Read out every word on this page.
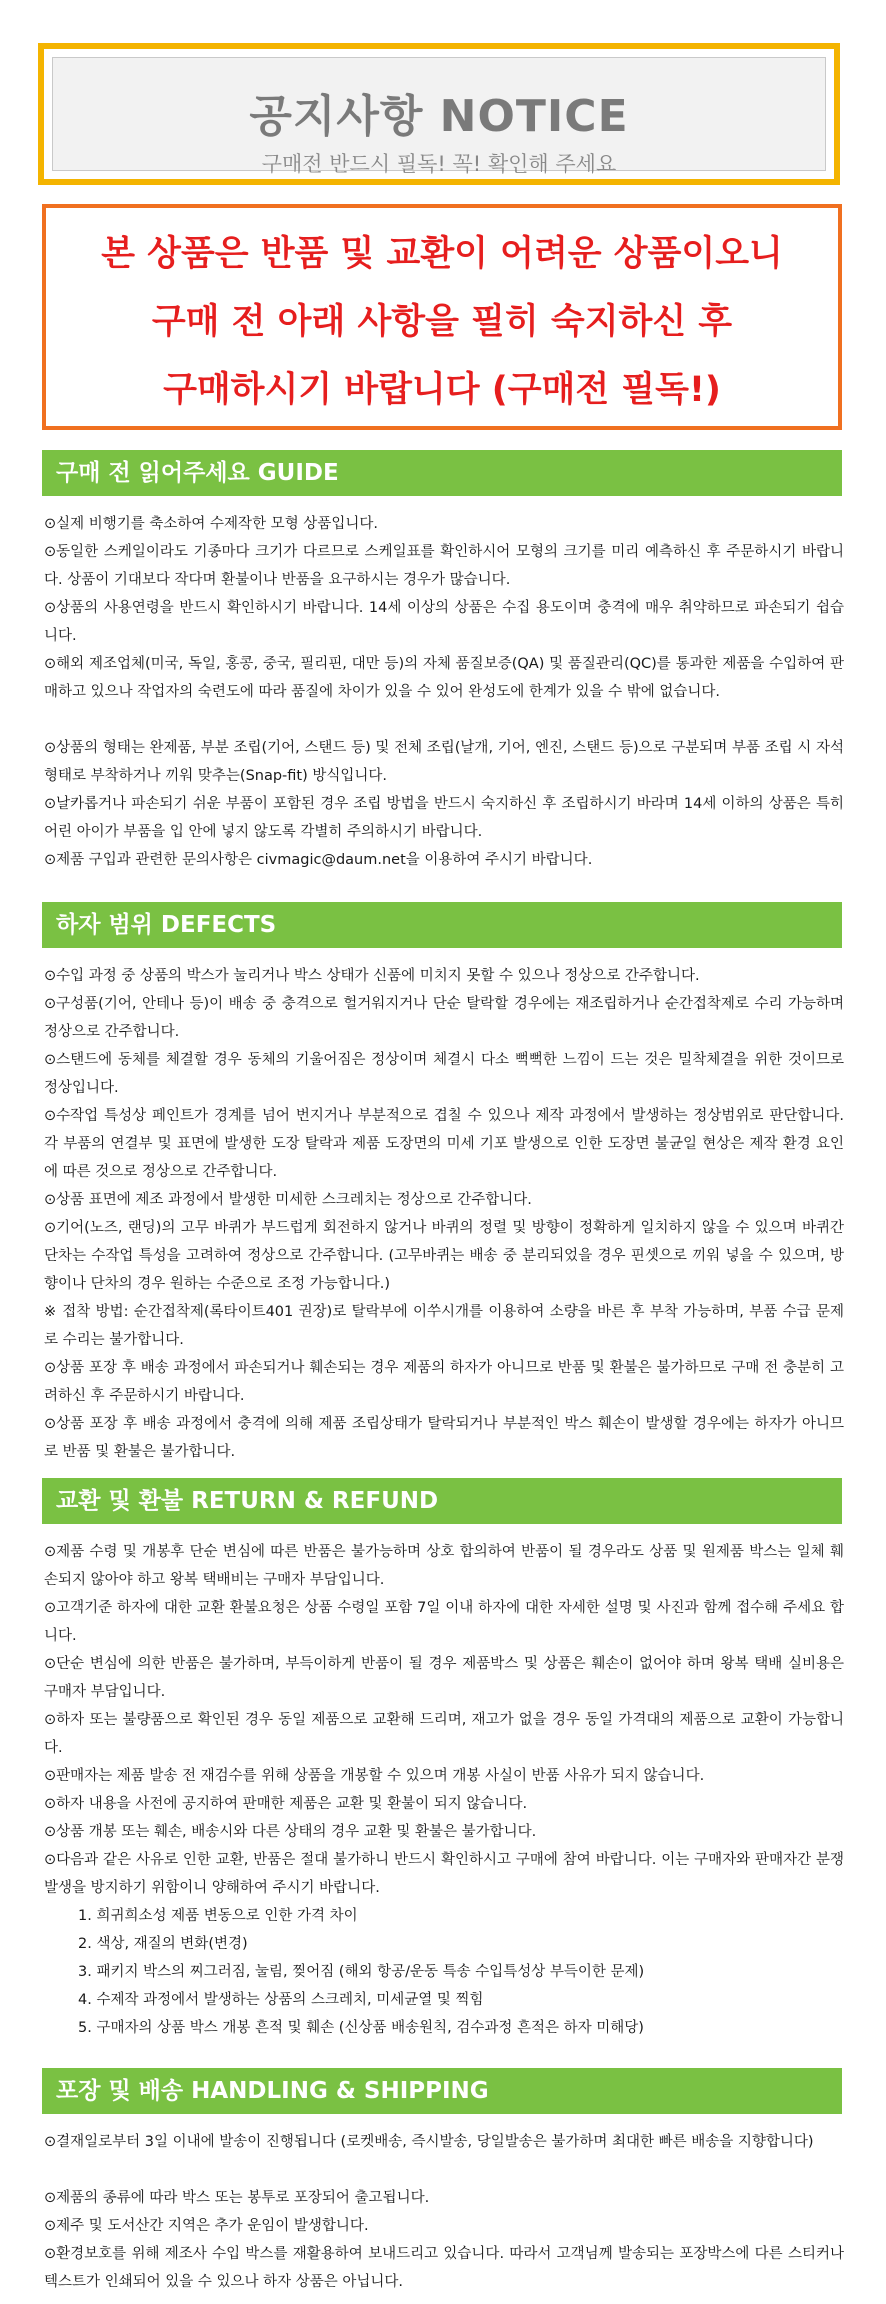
공지사항 NOTICE
구매전 반드시 필독! 꼭! 확인해 주세요
본 상품은 반품 및 교환이 어려운 상품이오니
구매 전 아래 사항을 필히 숙지하신 후
구매하시기 바랍니다 (구매전 필독!)
구매 전 읽어주세요 GUIDE
⊙실제 비행기를 축소하여 수제작한 모형 상품입니다.
⊙동일한 스케일이라도 기종마다 크기가 다르므로 스케일표를 확인하시어 모형의 크기를 미리 예측하신 후 주문하시기 바랍니다. 상품이 기대보다 작다며 환불이나 반품을 요구하시는 경우가 많습니다.
⊙상품의 사용연령을 반드시 확인하시기 바랍니다. 14세 이상의 상품은 수집 용도이며 충격에 매우 취약하므로 파손되기 쉽습니다.
⊙해외 제조업체(미국, 독일, 홍콩, 중국, 필리핀, 대만 등)의 자체 품질보증(QA) 및 품질관리(QC)를 통과한 제품을 수입하여 판매하고 있으나 작업자의 숙련도에 따라 품질에 차이가 있을 수 있어 완성도에 한계가 있을 수 밖에 없습니다.
⊙상품의 형태는 완제품, 부분 조립(기어, 스탠드 등) 및 전체 조립(날개, 기어, 엔진, 스탠드 등)으로 구분되며 부품 조립 시 자석 형태로 부착하거나 끼워 맞추는(Snap-fit) 방식입니다.
⊙날카롭거나 파손되기 쉬운 부품이 포함된 경우 조립 방법을 반드시 숙지하신 후 조립하시기 바라며 14세 이하의 상품은 특히 어린 아이가 부품을 입 안에 넣지 않도록 각별히 주의하시기 바랍니다.
⊙제품 구입과 관련한 문의사항은 civmagic@daum.net을 이용하여 주시기 바랍니다.
하자 범위 DEFECTS
⊙수입 과정 중 상품의 박스가 눌리거나 박스 상태가 신품에 미치지 못할 수 있으나 정상으로 간주합니다.
⊙구성품(기어, 안테나 등)이 배송 중 충격으로 헐거워지거나 단순 탈락할 경우에는 재조립하거나 순간접착제로 수리 가능하며 정상으로 간주합니다.
⊙스탠드에 동체를 체결할 경우 동체의 기울어짐은 정상이며 체결시 다소 뻑뻑한 느낌이 드는 것은 밀착체결을 위한 것이므로 정상입니다.
⊙수작업 특성상 페인트가 경계를 넘어 번지거나 부분적으로 겹칠 수 있으나 제작 과정에서 발생하는 정상범위로 판단합니다. 각 부품의 연결부 및 표면에 발생한 도장 탈락과 제품 도장면의 미세 기포 발생으로 인한 도장면 불균일 현상은 제작 환경 요인에 따른 것으로 정상으로 간주합니다.
⊙상품 표면에 제조 과정에서 발생한 미세한 스크레치는 정상으로 간주합니다.
⊙기어(노즈, 랜딩)의 고무 바퀴가 부드럽게 회전하지 않거나 바퀴의 정렬 및 방향이 정확하게 일치하지 않을 수 있으며 바퀴간 단차는 수작업 특성을 고려하여 정상으로 간주합니다. (고무바퀴는 배송 중 분리되었을 경우 핀셋으로 끼워 넣을 수 있으며, 방향이나 단차의 경우 원하는 수준으로 조정 가능합니다.)
※ 접착 방법: 순간접착제(록타이트401 권장)로 탈락부에 이쑤시개를 이용하여 소량을 바른 후 부착 가능하며, 부품 수급 문제로 수리는 불가합니다.
⊙상품 포장 후 배송 과정에서 파손되거나 훼손되는 경우 제품의 하자가 아니므로 반품 및 환불은 불가하므로 구매 전 충분히 고려하신 후 주문하시기 바랍니다.
⊙상품 포장 후 배송 과정에서 충격에 의해 제품 조립상태가 탈락되거나 부분적인 박스 훼손이 발생할 경우에는 하자가 아니므로 반품 및 환불은 불가합니다.
교환 및 환불 RETURN & REFUND
⊙제품 수령 및 개봉후 단순 변심에 따른 반품은 불가능하며 상호 합의하여 반품이 될 경우라도 상품 및 원제품 박스는 일체 훼손되지 않아야 하고 왕복 택배비는 구매자 부담입니다.
⊙고객기준 하자에 대한 교환 환불요청은 상품 수령일 포함 7일 이내 하자에 대한 자세한 설명 및 사진과 함께 접수해 주세요 합니다.
⊙단순 변심에 의한 반품은 불가하며, 부득이하게 반품이 될 경우 제품박스 및 상품은 훼손이 없어야 하며 왕복 택배 실비용은 구매자 부담입니다.
⊙하자 또는 불량품으로 확인된 경우 동일 제품으로 교환해 드리며, 재고가 없을 경우 동일 가격대의 제품으로 교환이 가능합니다.
⊙판매자는 제품 발송 전 재검수를 위해 상품을 개봉할 수 있으며 개봉 사실이 반품 사유가 되지 않습니다.
⊙하자 내용을 사전에 공지하여 판매한 제품은 교환 및 환불이 되지 않습니다.
⊙상품 개봉 또는 훼손, 배송시와 다른 상태의 경우 교환 및 환불은 불가합니다.
⊙다음과 같은 사유로 인한 교환, 반품은 절대 불가하니 반드시 확인하시고 구매에 참여 바랍니다. 이는 구매자와 판매자간 분쟁 발생을 방지하기 위함이니 양해하여 주시기 바랍니다.
1. 희귀희소성 제품 변동으로 인한 가격 차이
2. 색상, 재질의 변화(변경)
3. 패키지 박스의 찌그러짐, 눌림, 찢어짐 (해외 항공/운동 특송 수입특성상 부득이한 문제)
4. 수제작 과정에서 발생하는 상품의 스크레치, 미세균열 및 찍힘
5. 구매자의 상품 박스 개봉 흔적 및 훼손 (신상품 배송원칙, 검수과정 흔적은 하자 미해당)
포장 및 배송 HANDLING & SHIPPING
⊙결재일로부터 3일 이내에 발송이 진행됩니다 (로켓배송, 즉시발송, 당일발송은 불가하며 최대한 빠른 배송을 지향합니다)
⊙제품의 종류에 따라 박스 또는 봉투로 포장되어 출고됩니다.
⊙제주 및 도서산간 지역은 추가 운임이 발생합니다.
⊙환경보호를 위해 제조사 수입 박스를 재활용하여 보내드리고 있습니다. 따라서 고객님께 발송되는 포장박스에 다른 스티커나 텍스트가 인쇄되어 있을 수 있으나 하자 상품은 아닙니다.
